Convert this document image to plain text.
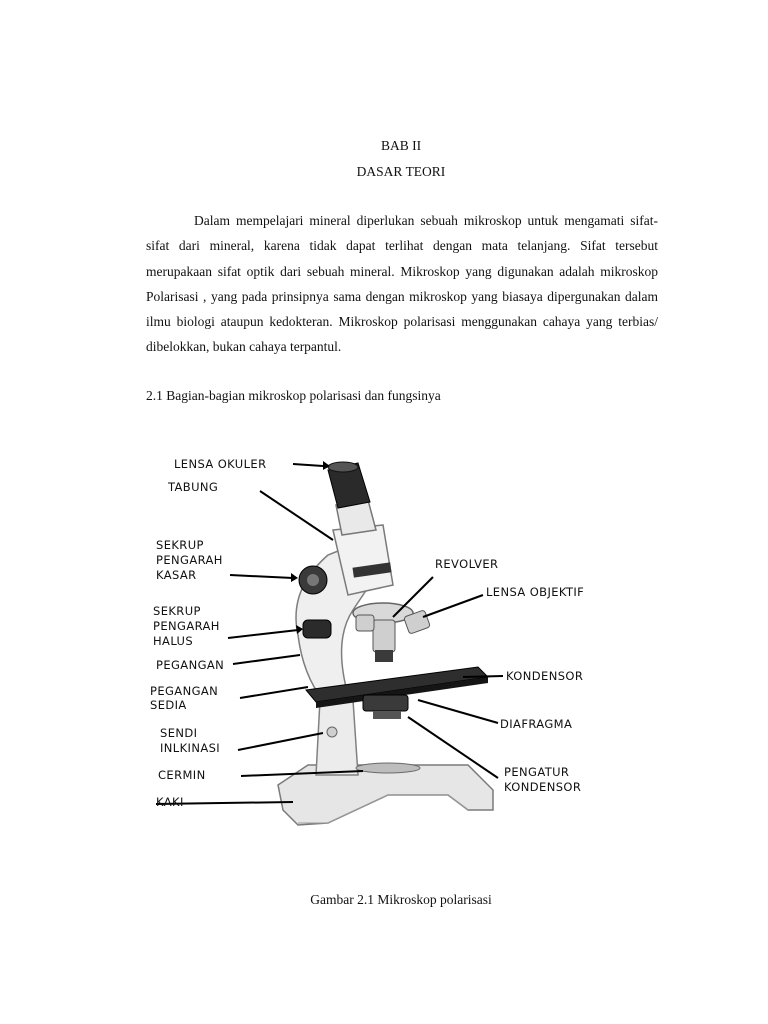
BAB II
DASAR TEORI
Dalam mempelajari mineral diperlukan sebuah mikroskop untuk mengamati sifat-sifat dari mineral, karena tidak dapat terlihat dengan mata telanjang. Sifat tersebut merupakaan sifat optik dari sebuah mineral. Mikroskop yang digunakan adalah mikroskop Polarisasi , yang pada prinsipnya sama dengan mikroskop yang biasaya dipergunakan dalam ilmu biologi ataupun kedokteran. Mikroskop polarisasi menggunakan cahaya yang terbias/ dibelokkan, bukan cahaya terpantul.
2.1 Bagian-bagian mikroskop polarisasi dan fungsinya
LENSA OKULER
TABUNG
SEKRUP
PENGARAH
KASAR
SEKRUP
PENGARAH
HALUS
PEGANGAN
PEGANGAN
SEDIA
SENDI
INLKINASI
CERMIN
KAKI
REVOLVER
LENSA OBJEKTIF
KONDENSOR
DIAFRAGMA
PENGATUR
KONDENSOR
Gambar 2.1 Mikroskop polarisasi
